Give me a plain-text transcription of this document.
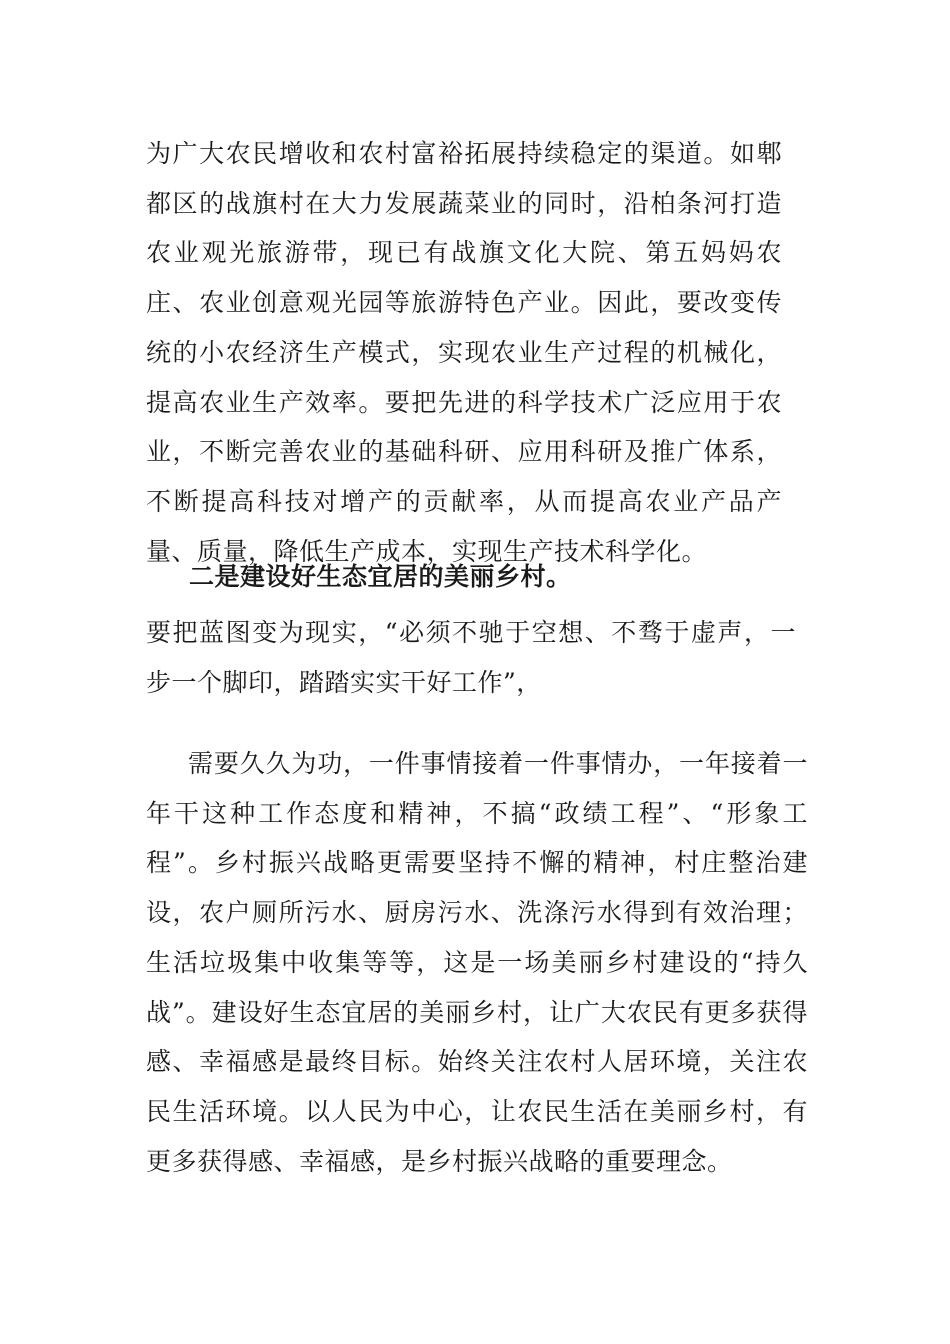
为广大农民增收和农村富裕拓展持续稳定的渠道。如郫都区的战旗村在大力发展蔬菜业的同时，沿柏条河打造农业观光旅游带，现已有战旗文化大院、第五妈妈农庄、农业创意观光园等旅游特色产业。因此，要改变传统的小农经济生产模式，实现农业生产过程的机械化，提高农业生产效率。要把先进的科学技术广泛应用于农业，不断完善农业的基础科研、应用科研及推广体系，不断提高科技对增产的贡献率，从而提高农业产品产量、质量，降低生产成本，实现生产技术科学化。

二是建设好生态宜居的美丽乡村。

要把蓝图变为现实，“必须不驰于空想、不骛于虚声，一步一个脚印，踏踏实实干好工作”，

需要久久为功，一件事情接着一件事情办，一年接着一年干这种工作态度和精神，不搞“政绩工程”、“形象工程”。乡村振兴战略更需要坚持不懈的精神，村庄整治建设，农户厕所污水、厨房污水、洗涤污水得到有效治理；生活垃圾集中收集等等，这是一场美丽乡村建设的“持久战”。建设好生态宜居的美丽乡村，让广大农民有更多获得感、幸福感是最终目标。始终关注农村人居环境，关注农民生活环境。以人民为中心，让农民生活在美丽乡村，有更多获得感、幸福感，是乡村振兴战略的重要理念。
